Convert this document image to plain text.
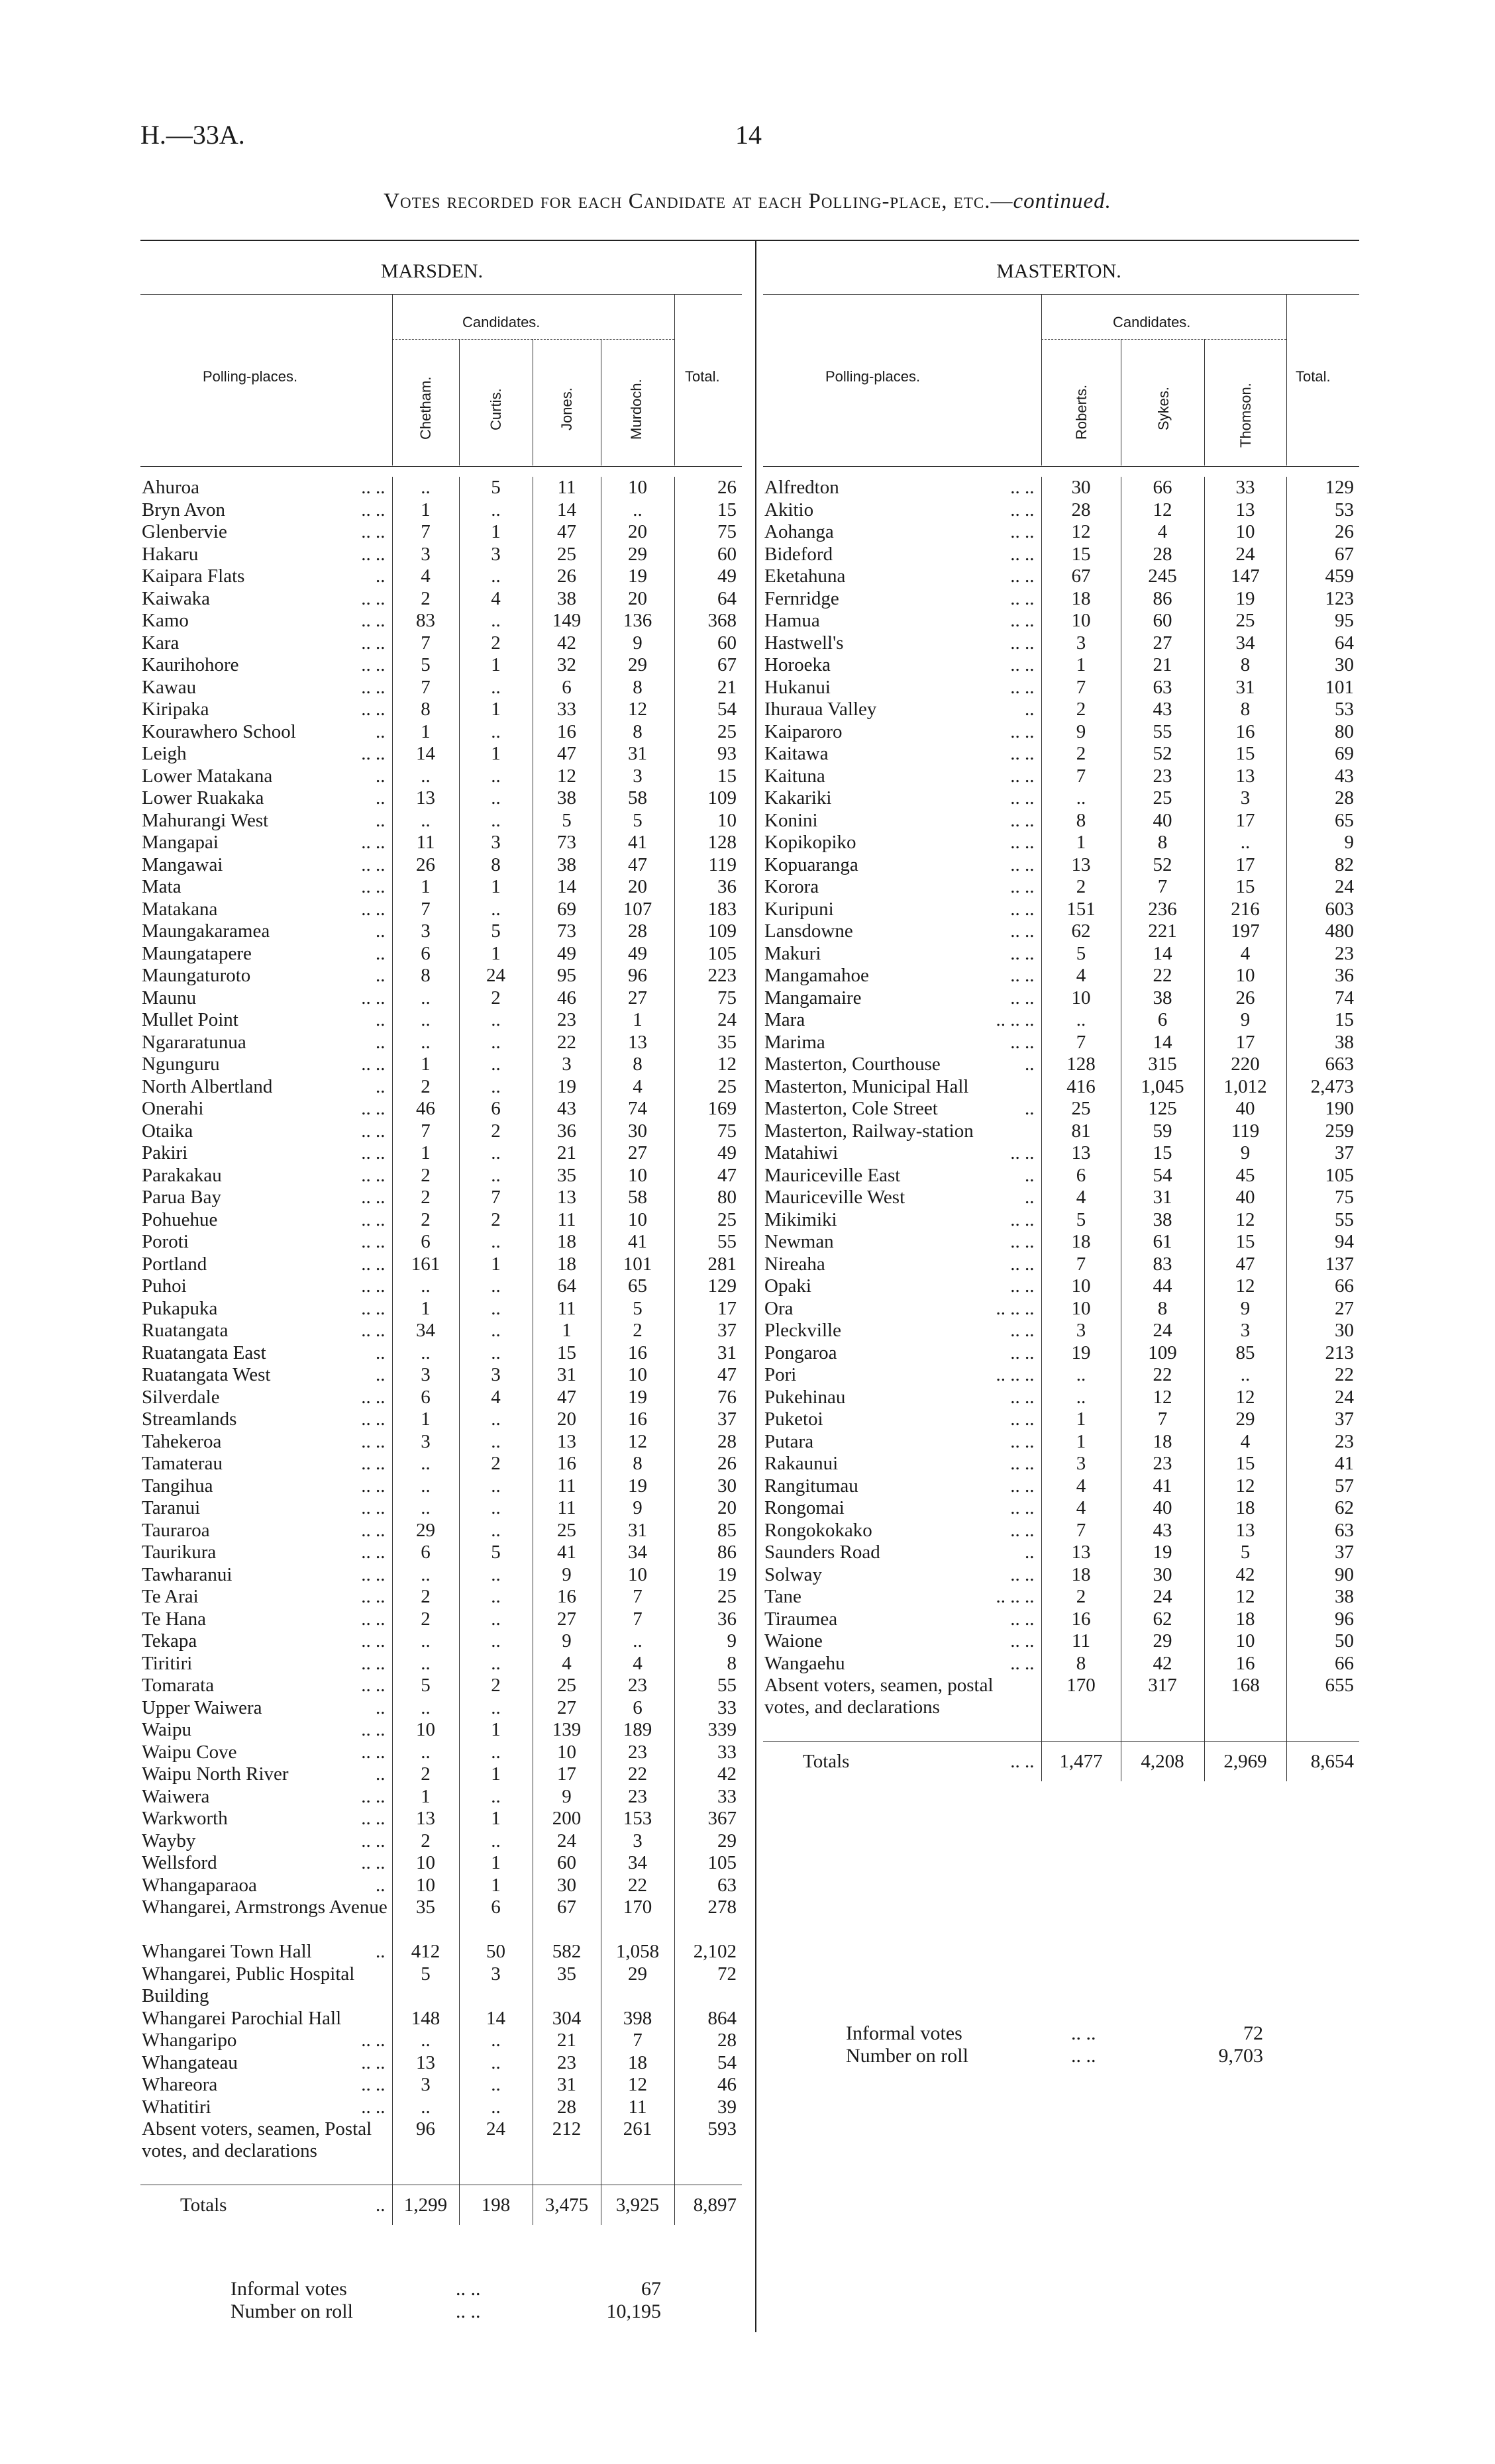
H.—33A.	14
Votes recorded for each Candidate at each Polling-place, etc.—continued.
MARSDEN.
Polling-places.
Candidates.
Total.
Chetham.	Curtis.	Jones.	Murdoch.
Ahuroa .. ..	..	5	11	10	26
Bryn Avon .. ..	1	..	14	..	15
Glenbervie .. ..	7	1	47	20	75
Hakaru .. ..	3	3	25	29	60
Kaipara Flats ..	4	..	26	19	49
Kaiwaka .. ..	2	4	38	20	64
Kamo .. ..	83	..	149	136	368
Kara .. ..	7	2	42	9	60
Kaurihohore .. ..	5	1	32	29	67
Kawau .. ..	7	..	6	8	21
Kiripaka .. ..	8	1	33	12	54
Kourawhero School ..	1	..	16	8	25
Leigh .. ..	14	1	47	31	93
Lower Matakana ..	..	..	12	3	15
Lower Ruakaka ..	13	..	38	58	109
Mahurangi West ..	..	..	5	5	10
Mangapai .. ..	11	3	73	41	128
Mangawai .. ..	26	8	38	47	119
Mata .. ..	1	1	14	20	36
Matakana .. ..	7	..	69	107	183
Maungakaramea ..	3	5	73	28	109
Maungatapere ..	6	1	49	49	105
Maungaturoto ..	8	24	95	96	223
Maunu .. ..	..	2	46	27	75
Mullet Point ..	..	..	23	1	24
Ngararatunua ..	..	..	22	13	35
Ngunguru .. ..	1	..	3	8	12
North Albertland ..	2	..	19	4	25
Onerahi .. ..	46	6	43	74	169
Otaika .. ..	7	2	36	30	75
Pakiri .. ..	1	..	21	27	49
Parakakau .. ..	2	..	35	10	47
Parua Bay .. ..	2	7	13	58	80
Pohuehue .. ..	2	2	11	10	25
Poroti .. ..	6	..	18	41	55
Portland .. ..	161	1	18	101	281
Puhoi .. ..	..	..	64	65	129
Pukapuka .. ..	1	..	11	5	17
Ruatangata .. ..	34	..	1	2	37
Ruatangata East ..	..	..	15	16	31
Ruatangata West ..	3	3	31	10	47
Silverdale .. ..	6	4	47	19	76
Streamlands .. ..	1	..	20	16	37
Tahekeroa .. ..	3	..	13	12	28
Tamaterau .. ..	..	2	16	8	26
Tangihua .. ..	..	..	11	19	30
Taranui .. ..	..	..	11	9	20
Tauraroa .. ..	29	..	25	31	85
Taurikura .. ..	6	5	41	34	86
Tawharanui .. ..	..	..	9	10	19
Te Arai .. ..	2	..	16	7	25
Te Hana .. ..	2	..	27	7	36
Tekapa .. ..	..	..	9	..	9
Tiritiri .. ..	..	..	4	4	8
Tomarata .. ..	5	2	25	23	55
Upper Waiwera ..	..	..	27	6	33
Waipu .. ..	10	1	139	189	339
Waipu Cove .. ..	..	..	10	23	33
Waipu North River ..	2	1	17	22	42
Waiwera .. ..	1	..	9	23	33
Warkworth .. ..	13	1	200	153	367
Wayby .. ..	2	..	24	3	29
Wellsford .. ..	10	1	60	34	105
Whangaparaoa ..	10	1	30	22	63
Whangarei, Armstrongs Avenue	35	6	67	170	278
Whangarei Town Hall ..	412	50	582	1,058	2,102
Whangarei, Public Hospital Building	5	3	35	29	72
Whangarei Parochial Hall	148	14	304	398	864
Whangaripo .. ..	..	..	21	7	28
Whangateau .. ..	13	..	23	18	54
Whareora .. ..	3	..	31	12	46
Whatitiri .. ..	..	..	28	11	39
Absent voters, seamen, Postal votes, and declarations	96	24	212	261	593
Totals ..	1,299	198	3,475	3,925	8,897
Informal votes	.. ..	67
Number on roll	.. ..	10,195
MASTERTON.
Polling-places.
Candidates.
Total.
Roberts.	Sykes.	Thomson.
Alfredton .. ..	30	66	33	129
Akitio .. ..	28	12	13	53
Aohanga .. ..	12	4	10	26
Bideford .. ..	15	28	24	67
Eketahuna .. ..	67	245	147	459
Fernridge .. ..	18	86	19	123
Hamua .. ..	10	60	25	95
Hastwell's .. ..	3	27	34	64
Horoeka .. ..	1	21	8	30
Hukanui .. ..	7	63	31	101
Ihuraua Valley ..	2	43	8	53
Kaiparoro .. ..	9	55	16	80
Kaitawa .. ..	2	52	15	69
Kaituna .. ..	7	23	13	43
Kakariki .. ..	..	25	3	28
Konini .. ..	8	40	17	65
Kopikopiko .. ..	1	8	..	9
Kopuaranga .. ..	13	52	17	82
Korora .. ..	2	7	15	24
Kuripuni .. ..	151	236	216	603
Lansdowne .. ..	62	221	197	480
Makuri .. ..	5	14	4	23
Mangamahoe .. ..	4	22	10	36
Mangamaire .. ..	10	38	26	74
Mara .. .. ..	..	6	9	15
Marima .. ..	7	14	17	38
Masterton, Courthouse ..	128	315	220	663
Masterton, Municipal Hall	416	1,045	1,012	2,473
Masterton, Cole Street ..	25	125	40	190
Masterton, Railway-station	81	59	119	259
Matahiwi .. ..	13	15	9	37
Mauriceville East ..	6	54	45	105
Mauriceville West ..	4	31	40	75
Mikimiki .. ..	5	38	12	55
Newman .. ..	18	61	15	94
Nireaha .. ..	7	83	47	137
Opaki .. ..	10	44	12	66
Ora .. .. ..	10	8	9	27
Pleckville .. ..	3	24	3	30
Pongaroa .. ..	19	109	85	213
Pori .. .. ..	..	22	..	22
Pukehinau .. ..	..	12	12	24
Puketoi .. ..	1	7	29	37
Putara .. ..	1	18	4	23
Rakaunui .. ..	3	23	15	41
Rangitumau .. ..	4	41	12	57
Rongomai .. ..	4	40	18	62
Rongokokako .. ..	7	43	13	63
Saunders Road ..	13	19	5	37
Solway .. ..	18	30	42	90
Tane .. .. ..	2	24	12	38
Tiraumea .. ..	16	62	18	96
Waione .. ..	11	29	10	50
Wangaehu .. ..	8	42	16	66
Absent voters, seamen, postal votes, and declarations	170	317	168	655
Totals .. ..	1,477	4,208	2,969	8,654
Informal votes	.. ..	72
Number on roll	.. ..	9,703
